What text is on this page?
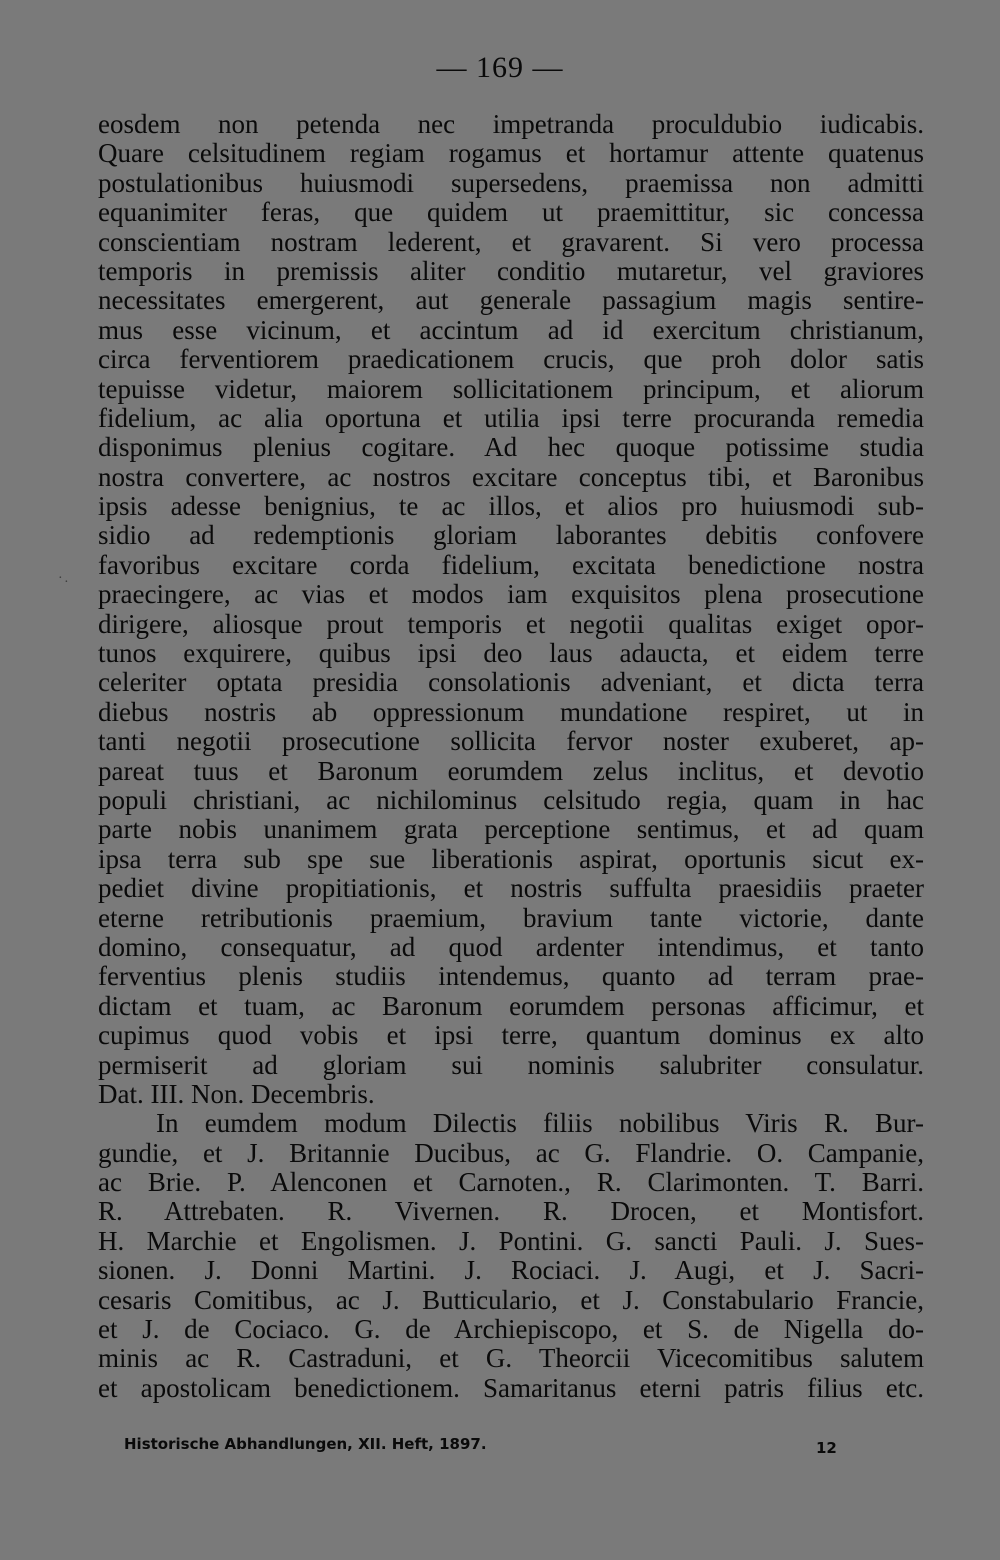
— 169 —
·.
eosdem non petenda nec impetranda proculdubio iudicabis.
Quare celsitudinem regiam rogamus et hortamur attente quatenus
postulationibus huiusmodi supersedens, praemissa non admitti
equanimiter feras, que quidem ut praemittitur, sic concessa
conscientiam nostram lederent, et gravarent. Si vero processa
temporis in premissis aliter conditio mutaretur, vel graviores
necessitates emergerent, aut generale passagium magis sentire-
mus esse vicinum, et accintum ad id exercitum christianum,
circa ferventiorem praedicationem crucis, que proh dolor satis
tepuisse videtur, maiorem sollicitationem principum, et aliorum
fidelium, ac alia oportuna et utilia ipsi terre procuranda remedia
disponimus plenius cogitare. Ad hec quoque potissime studia
nostra convertere, ac nostros excitare conceptus tibi, et Baronibus
ipsis adesse benignius, te ac illos, et alios pro huiusmodi sub-
sidio ad redemptionis gloriam laborantes debitis confovere
favoribus excitare corda fidelium, excitata benedictione nostra
praecingere, ac vias et modos iam exquisitos plena prosecutione
dirigere, aliosque prout temporis et negotii qualitas exiget opor-
tunos exquirere, quibus ipsi deo laus adaucta, et eidem terre
celeriter optata presidia consolationis adveniant, et dicta terra
diebus nostris ab oppressionum mundatione respiret, ut in
tanti negotii prosecutione sollicita fervor noster exuberet, ap-
pareat tuus et Baronum eorumdem zelus inclitus, et devotio
populi christiani, ac nichilominus celsitudo regia, quam in hac
parte nobis unanimem grata perceptione sentimus, et ad quam
ipsa terra sub spe sue liberationis aspirat, oportunis sicut ex-
pediet divine propitiationis, et nostris suffulta praesidiis praeter
eterne retributionis praemium, bravium tante victorie, dante
domino, consequatur, ad quod ardenter intendimus, et tanto
ferventius plenis studiis intendemus, quanto ad terram prae-
dictam et tuam, ac Baronum eorumdem personas afficimur, et
cupimus quod vobis et ipsi terre, quantum dominus ex alto
permiserit ad gloriam sui nominis salubriter consulatur.
Dat. III. Non. Decembris.
In eumdem modum Dilectis filiis nobilibus Viris R. Bur-
gundie, et J. Britannie Ducibus, ac G. Flandrie. O. Campanie,
ac Brie. P. Alenconen et Carnoten., R. Clarimonten. T. Barri.
R. Attrebaten. R. Vivernen. R. Drocen, et Montisfort.
H. Marchie et Engolismen. J. Pontini. G. sancti Pauli. J. Sues-
sionen. J. Donni Martini. J. Rociaci. J. Augi, et J. Sacri-
cesaris Comitibus, ac J. Butticulario, et J. Constabulario Francie,
et J. de Cociaco. G. de Archiepiscopo, et S. de Nigella do-
minis ac R. Castraduni, et G. Theorcii Vicecomitibus salutem
et apostolicam benedictionem. Samaritanus eterni patris filius etc.
Historische Abhandlungen, XII. Heft, 1897.	12
